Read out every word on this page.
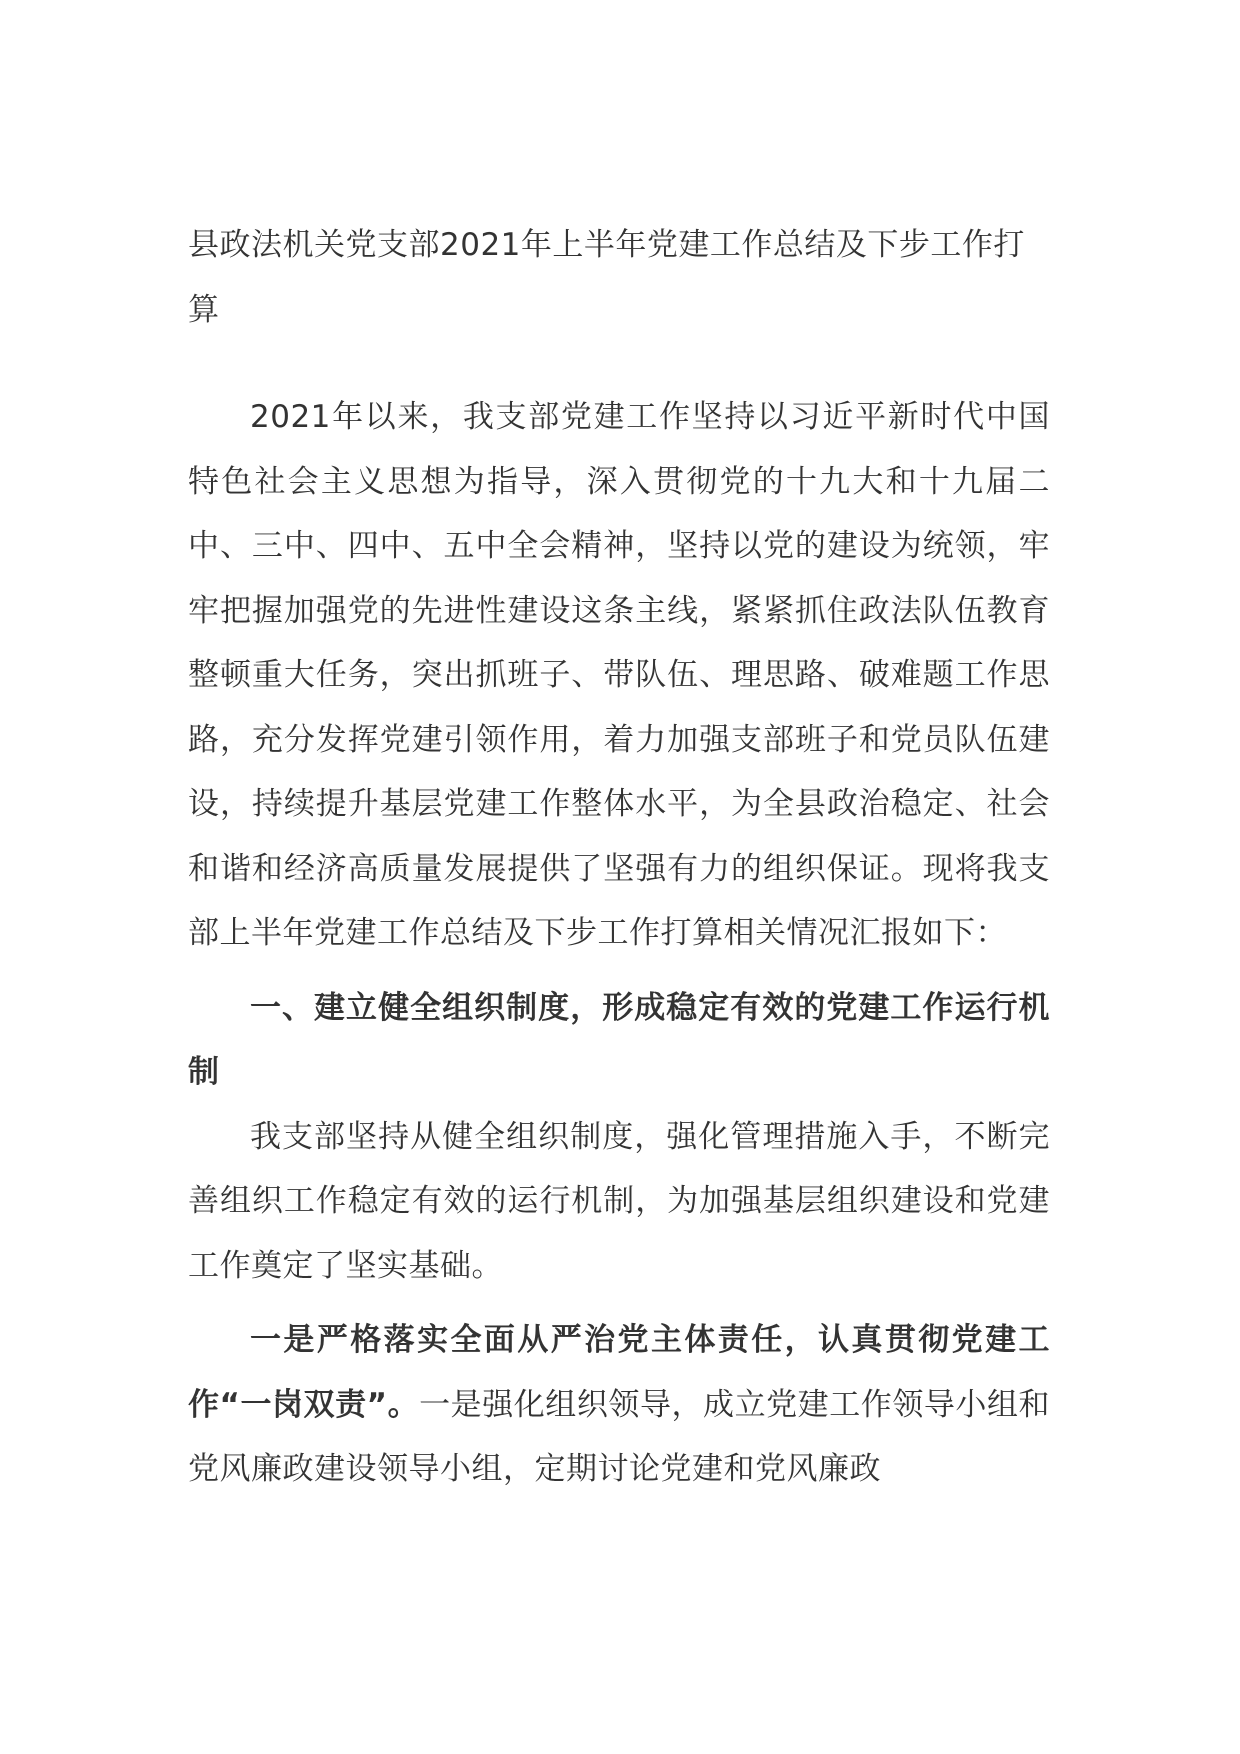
县政法机关党支部2021年上半年党建工作总结及下步工作打算

2021年以来，我支部党建工作坚持以习近平新时代中国特色社会主义思想为指导，深入贯彻党的十九大和十九届二中、三中、四中、五中全会精神，坚持以党的建设为统领，牢牢把握加强党的先进性建设这条主线，紧紧抓住政法队伍教育整顿重大任务，突出抓班子、带队伍、理思路、破难题工作思路，充分发挥党建引领作用，着力加强支部班子和党员队伍建设，持续提升基层党建工作整体水平，为全县政治稳定、社会和谐和经济高质量发展提供了坚强有力的组织保证。现将我支部上半年党建工作总结及下步工作打算相关情况汇报如下：

一、建立健全组织制度，形成稳定有效的党建工作运行机制

我支部坚持从健全组织制度，强化管理措施入手，不断完善组织工作稳定有效的运行机制，为加强基层组织建设和党建工作奠定了坚实基础。

一是严格落实全面从严治党主体责任，认真贯彻党建工作“一岗双责”。一是强化组织领导，成立党建工作领导小组和党风廉政建设领导小组，定期讨论党建和党风廉政
